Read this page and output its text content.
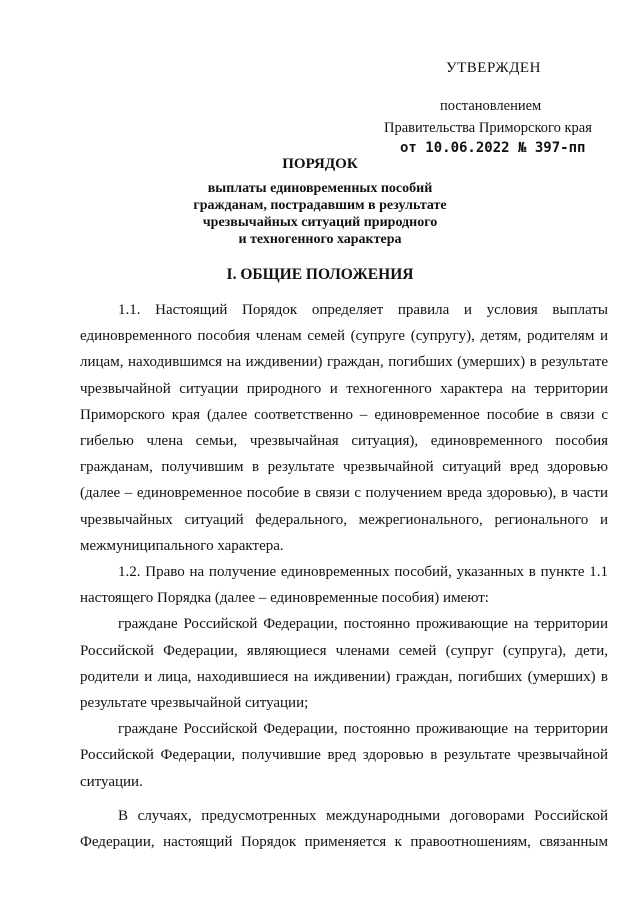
УТВЕРЖДЕН
постановлением
Правительства Приморского края
от 10.06.2022 № 397-пп
ПОРЯДОК
выплаты единовременных пособий
гражданам, пострадавшим в результате
чрезвычайных ситуаций природного
и техногенного характера
I. ОБЩИЕ ПОЛОЖЕНИЯ

1.1. Настоящий Порядок определяет правила и условия выплаты единовременного пособия членам семей (супруге (супругу), детям, родителям и лицам, находившимся на иждивении) граждан, погибших (умерших) в результате чрезвычайной ситуации природного и техногенного характера на территории Приморского края (далее соответственно – единовременное пособие в связи с гибелью члена семьи, чрезвычайная ситуация), единовременного пособия гражданам, получившим в результате чрезвычайной ситуаций вред здоровью (далее – единовременное пособие в связи с получением вреда здоровью), в части чрезвычайных ситуаций федерального, межрегионального, регионального и межмуниципального характера.

1.2. Право на получение единовременных пособий, указанных в пункте 1.1 настоящего Порядка (далее – единовременные пособия) имеют:

граждане Российской Федерации, постоянно проживающие на территории Российской Федерации, являющиеся членами семей (супруг (супруга), дети, родители и лица, находившиеся на иждивении) граждан, погибших (умерших) в результате чрезвычайной ситуации;

граждане Российской Федерации, постоянно проживающие на территории Российской Федерации, получившие вред здоровью в результате чрезвычайной ситуации.

В случаях, предусмотренных международными договорами Российской Федерации, настоящий Порядок применяется к правоотношениям, связанным
